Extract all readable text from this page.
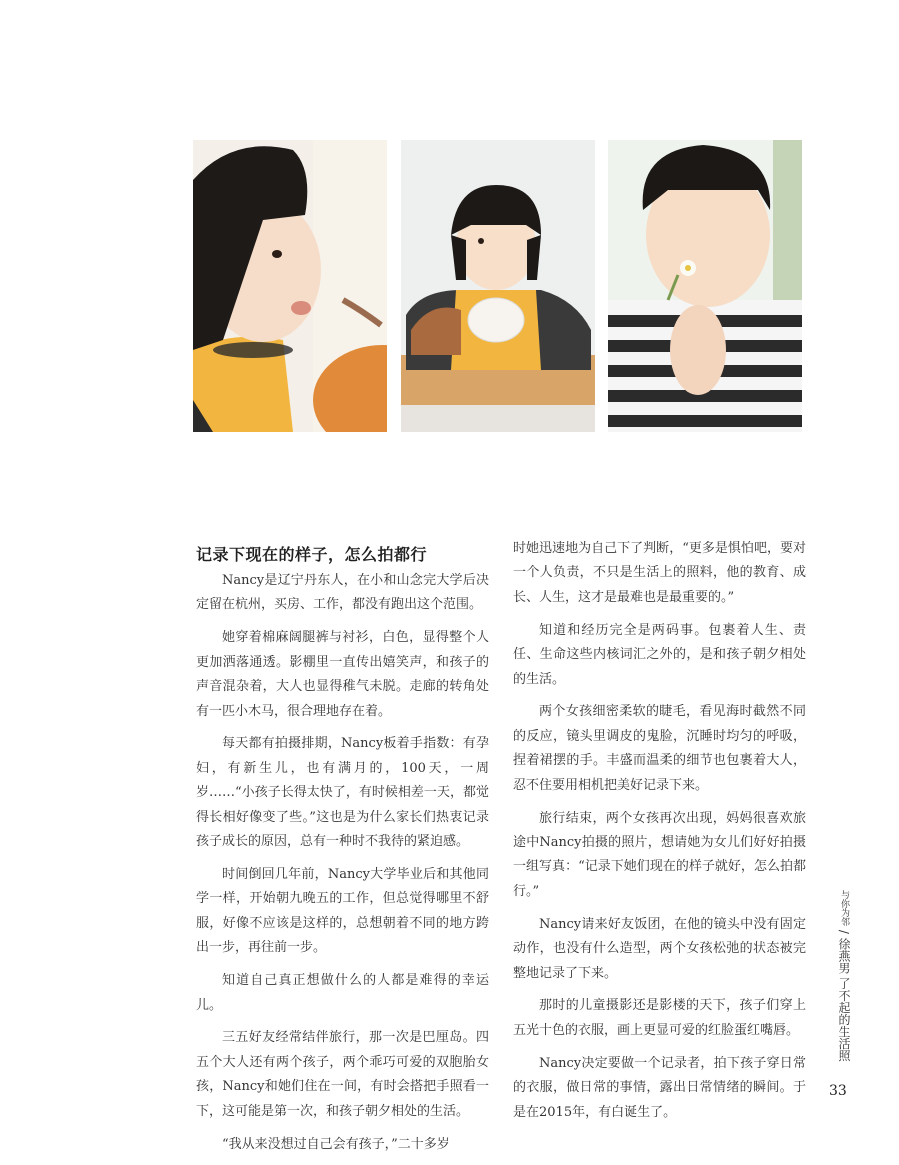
记录下现在的样子，怎么拍都行

Nancy是辽宁丹东人，在小和山念完大学后决定留在杭州，买房、工作，都没有跑出这个范围。

她穿着棉麻阔腿裤与衬衫，白色，显得整个人更加洒落通透。影棚里一直传出嬉笑声，和孩子的声音混杂着，大人也显得稚气未脱。走廊的转角处有一匹小木马，很合理地存在着。

每天都有拍摄排期，Nancy板着手指数：有孕妇，有新生儿，也有满月的，100天，一周岁……“小孩子长得太快了，有时候相差一天，都觉得长相好像变了些。”这也是为什么家长们热衷记录孩子成长的原因，总有一种时不我待的紧迫感。

时间倒回几年前，Nancy大学毕业后和其他同学一样，开始朝九晚五的工作，但总觉得哪里不舒服，好像不应该是这样的，总想朝着不同的地方跨出一步，再往前一步。

知道自己真正想做什么的人都是难得的幸运儿。

三五好友经常结伴旅行，那一次是巴厘岛。四五个大人还有两个孩子，两个乖巧可爱的双胞胎女孩，Nancy和她们住在一间，有时会搭把手照看一下，这可能是第一次，和孩子朝夕相处的生活。

“我从来没想过自己会有孩子，”二十多岁

时她迅速地为自己下了判断，“更多是惧怕吧，要对一个人负责，不只是生活上的照料，他的教育、成长、人生，这才是最难也是最重要的。”

知道和经历完全是两码事。包裹着人生、责任、生命这些内核词汇之外的，是和孩子朝夕相处的生活。

两个女孩细密柔软的睫毛，看见海时截然不同的反应，镜头里调皮的鬼脸，沉睡时均匀的呼吸，捏着裙摆的手。丰盛而温柔的细节也包裹着大人，忍不住要用相机把美好记录下来。

旅行结束，两个女孩再次出现，妈妈很喜欢旅途中Nancy拍摄的照片，想请她为女儿们好好拍摄一组写真：“记录下她们现在的样子就好，怎么拍都行。”

Nancy请来好友饭团，在他的镜头中没有固定动作，也没有什么造型，两个女孩松弛的状态被完整地记录了下来。

那时的儿童摄影还是影楼的天下，孩子们穿上五光十色的衣服，画上更显可爱的红脸蛋红嘴唇。

Nancy决定要做一个记录者，拍下孩子穿日常的衣服，做日常的事情，露出日常情绪的瞬间。于是在2015年，有白诞生了。

与你为邻 / 徐燕男 了不起的生活照
33
